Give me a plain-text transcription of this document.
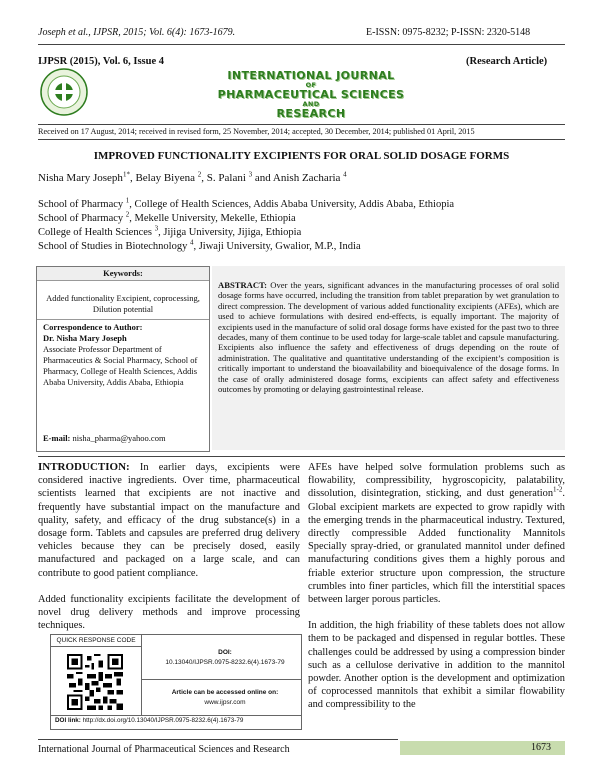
Joseph et al., IJPSR, 2015; Vol. 6(4): 1673-1679.	E-ISSN: 0975-8232; P-ISSN: 2320-5148
IJPSR (2015), Vol. 6, Issue 4	(Research Article)
INTERNATIONAL JOURNAL
OF
PHARMACEUTICAL SCIENCES
AND
RESEARCH
Received on 17 August, 2014; received in revised form, 25 November, 2014; accepted, 30 December, 2014; published 01 April, 2015
IMPROVED FUNCTIONALITY EXCIPIENTS FOR ORAL SOLID DOSAGE FORMS
Nisha Mary Joseph$^{1*}$, Belay Biyena $^2$, S. Palani $^3$ and Anish Zacharia $^4$
School of Pharmacy $^1$, College of Health Sciences, Addis Ababa University, Addis Ababa, Ethiopia
School of Pharmacy $^2$, Mekelle University, Mekelle, Ethiopia
College of Health Sciences $^3$, Jijiga University, Jijiga, Ethiopia
School of Studies in Biotechnology $^4$, Jiwaji University, Gwalior, M.P., India
Keywords:
Added functionality Excipient, coprocessing, Dilution potential
Correspondence to Author:
Dr. Nisha Mary Joseph
Associate Professor Department of Pharmaceutics & Social Pharmacy, School of Pharmacy, College of Health Sciences, Addis Ababa University, Addis Ababa, Ethiopia
E-mail: nisha_pharma@yahoo.com
ABSTRACT: Over the years, significant advances in the manufacturing processes of oral solid dosage forms have occurred, including the transition from tablet preparation by wet granulation to direct compression. The development of various added functionality excipients (AFEs), which are used to achieve formulations with desired end-effects, is equally important. The majority of excipients used in the manufacture of solid oral dosage forms have existed for the past two to three decades, many of them continue to be used today for large-scale tablet and capsule manufacturing. Excipients also influence the safety and effectiveness of drugs depending on the route of administration. The qualitative and quantitative understanding of the excipient’s composition is critically important to understand the bioavailability and bioequivalence of the dosage forms. In the case of orally administered dosage forms, excipients can affect safety and effectiveness outcomes by promoting or delaying gastrointestinal release.

INTRODUCTION: In earlier days, excipients were considered inactive ingredients. Over time, pharmaceutical scientists learned that excipients are not inactive and frequently have substantial impact on the manufacture and quality, safety, and efficacy of the drug substance(s) in a dosage form. Tablets and capsules are preferred drug delivery vehicles because they can be precisely dosed, easily manufactured and packaged on a large scale, and can contribute to good patient compliance.

Added functionality excipients facilitate the development of novel drug delivery methods and improve processing techniques.

AFEs have helped solve formulation problems such as flowability, compressibility, hygroscopicity, palatability, dissolution, disintegration, sticking, and dust generation$^{1-2}$. Global excipient markets are expected to grow rapidly with the emerging trends in the pharmaceutical industry. Textured, directly compressible Added functionality Mannitols Specially spray-dried, or granulated mannitol under defined manufacturing conditions gives them a highly porous and friable exterior structure upon compression, the structure crumbles into finer particles, which fill the interstitial spaces between larger porous particles.

In addition, the high friability of these tablets does not allow them to be packaged and dispensed in regular bottles. These challenges could be addressed by using a compression binder such as a cellulose derivative in addition to the mannitol powder. Another option is the development and optimization of coprocessed mannitols that exhibit a similar flowability and compressibility to the

QUICK RESPONSE CODE
DOI:
10.13040/IJPSR.0975-8232.6(4).1673-79
Article can be accessed online on:
www.ijpsr.com
DOI link: http://dx.doi.org/10.13040/IJPSR.0975-8232.6(4).1673-79
International Journal of Pharmaceutical Sciences and Research	1673
